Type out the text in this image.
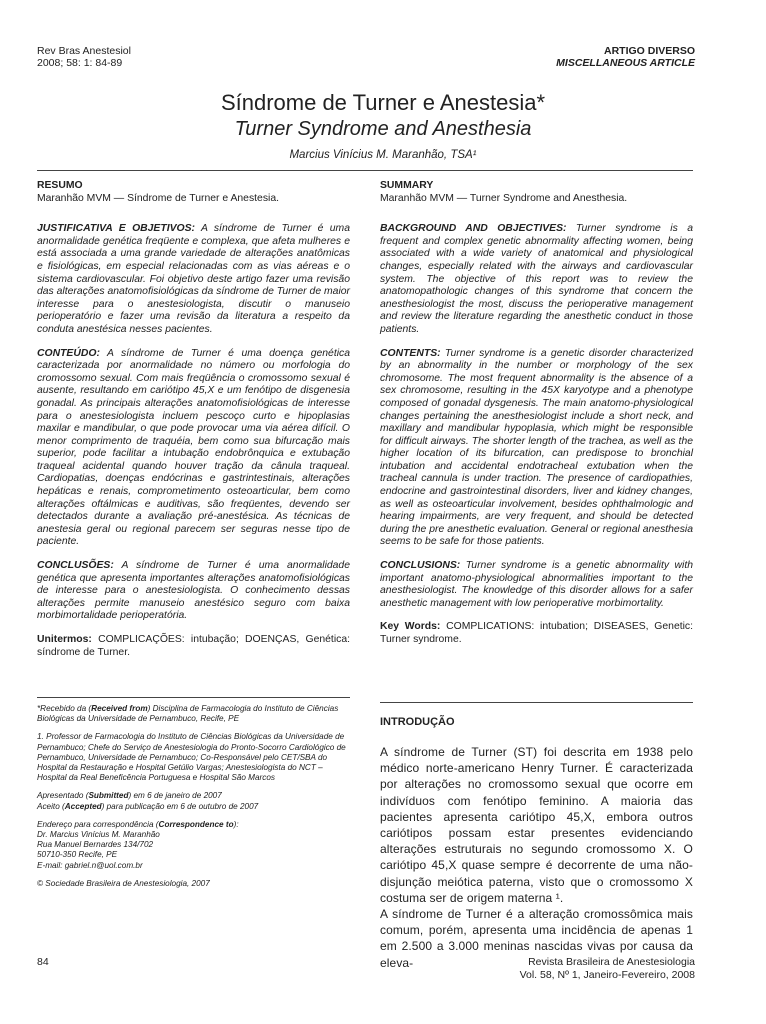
Rev Bras Anestesiol
2008; 58: 1: 84-89
ARTIGO DIVERSO
MISCELLANEOUS ARTICLE
Síndrome de Turner e Anestesia*
Turner Syndrome and Anesthesia
Marcius Vinícius M. Maranhão, TSA¹
RESUMO

Maranhão MVM — Síndrome de Turner e Anestesia.

JUSTIFICATIVA E OBJETIVOS: A síndrome de Turner é uma anormalidade genética freqüente e complexa, que afeta mulheres e está associada a uma grande variedade de alterações anatômicas e fisiológicas, em especial relacionadas com as vias aéreas e o sistema cardiovascular. Foi objetivo deste artigo fazer uma revisão das alterações anatomofisiológicas da síndrome de Turner de maior interesse para o anestesiologista, discutir o manuseio perioperatório e fazer uma revisão da literatura a respeito da conduta anestésica nesses pacientes.

CONTEÚDO: A síndrome de Turner é uma doença genética caracterizada por anormalidade no número ou morfologia do cromossomo sexual. Com mais freqüência o cromossomo sexual é ausente, resultando em cariótipo 45,X e um fenótipo de disgenesia gonadal. As principais alterações anatomofisiológicas de interesse para o anestesiologista incluem pescoço curto e hipoplasias maxilar e mandibular, o que pode provocar uma via aérea difícil. O menor comprimento de traquéia, bem como sua bifurcação mais superior, pode facilitar a intubação endobrônquica e extubação traqueal acidental quando houver tração da cânula traqueal. Cardiopatias, doenças endócrinas e gastrintestinais, alterações hepáticas e renais, comprometimento osteoarticular, bem como alterações oftálmicas e auditivas, são freqüentes, devendo ser detectados durante a avaliação pré-anestésica. As técnicas de anestesia geral ou regional parecem ser seguras nesse tipo de paciente.

CONCLUSÕES: A síndrome de Turner é uma anormalidade genética que apresenta importantes alterações anatomofisiológicas de interesse para o anestesiologista. O conhecimento dessas alterações permite manuseio anestésico seguro com baixa morbimortalidade perioperatória.

Unitermos: COMPLICAÇÕES: intubação; DOENÇAS, Genética: síndrome de Turner.

SUMMARY

Maranhão MVM — Turner Syndrome and Anesthesia.

BACKGROUND AND OBJECTIVES: Turner syndrome is a frequent and complex genetic abnormality affecting women, being associated with a wide variety of anatomical and physiological changes, especially related with the airways and cardiovascular system. The objective of this report was to review the anatomopathologic changes of this syndrome that concern the anesthesiologist the most, discuss the perioperative management and review the literature regarding the anesthetic conduct in those patients.

CONTENTS: Turner syndrome is a genetic disorder characterized by an abnormality in the number or morphology of the sex chromosome. The most frequent abnormality is the absence of a sex chromosome, resulting in the 45X karyotype and a phenotype composed of gonadal dysgenesis. The main anatomo-physiological changes pertaining the anesthesiologist include a short neck, and maxillary and mandibular hypoplasia, which might be responsible for difficult airways. The shorter length of the trachea, as well as the higher location of its bifurcation, can predispose to bronchial intubation and accidental endotracheal extubation when the tracheal cannula is under traction. The presence of cardiopathies, endocrine and gastrointestinal disorders, liver and kidney changes, as well as osteoarticular involvement, besides ophthalmologic and hearing impairments, are very frequent, and should be detected during the pre anesthetic evaluation. General or regional anesthesia seems to be safe for those patients.

CONCLUSIONS: Turner syndrome is a genetic abnormality with important anatomo-physiological abnormalities important to the anesthesiologist. The knowledge of this disorder allows for a safer anesthetic management with low perioperative morbimortality.

Key Words: COMPLICATIONS: intubation; DISEASES, Genetic: Turner syndrome.

*Recebido da (Received from) Disciplina de Farmacologia do Instituto de Ciências Biológicas da Universidade de Pernambuco, Recife, PE

1. Professor de Farmacologia do Instituto de Ciências Biológicas da Universidade de Pernambuco; Chefe do Serviço de Anestesiologia do Pronto-Socorro Cardiológico de Pernambuco, Universidade de Pernambuco; Co-Responsável pelo CET/SBA do Hospital da Restauração e Hospital Getúlio Vargas; Anestesiologista do NCT – Hospital da Real Beneficência Portuguesa e Hospital São Marcos

Apresentado (Submitted) em 6 de janeiro de 2007
Aceito (Accepted) para publicação em 6 de outubro de 2007

Endereço para correspondência (Correspondence to):
Dr. Marcius Vinícius M. Maranhão
Rua Manuel Bernardes 134/702
50710-350 Recife, PE
E-mail: gabriel.n@uol.com.br

© Sociedade Brasileira de Anestesiologia, 2007

INTRODUÇÃO

A síndrome de Turner (ST) foi descrita em 1938 pelo médico norte-americano Henry Turner. É caracterizada por alterações no cromossomo sexual que ocorre em indivíduos com fenótipo feminino. A maioria das pacientes apresenta cariótipo 45,X, embora outros cariótipos possam estar presentes evidenciando alterações estruturais no segundo cromossomo X. O cariótipo 45,X quase sempre é decorrente de uma não-disjunção meiótica paterna, visto que o cromossomo X costuma ser de origem materna ¹.

A síndrome de Turner é a alteração cromossômica mais comum, porém, apresenta uma incidência de apenas 1 em 2.500 a 3.000 meninas nascidas vivas por causa da eleva-

84	Revista Brasileira de Anestesiologia
Vol. 58, Nº 1, Janeiro-Fevereiro, 2008
